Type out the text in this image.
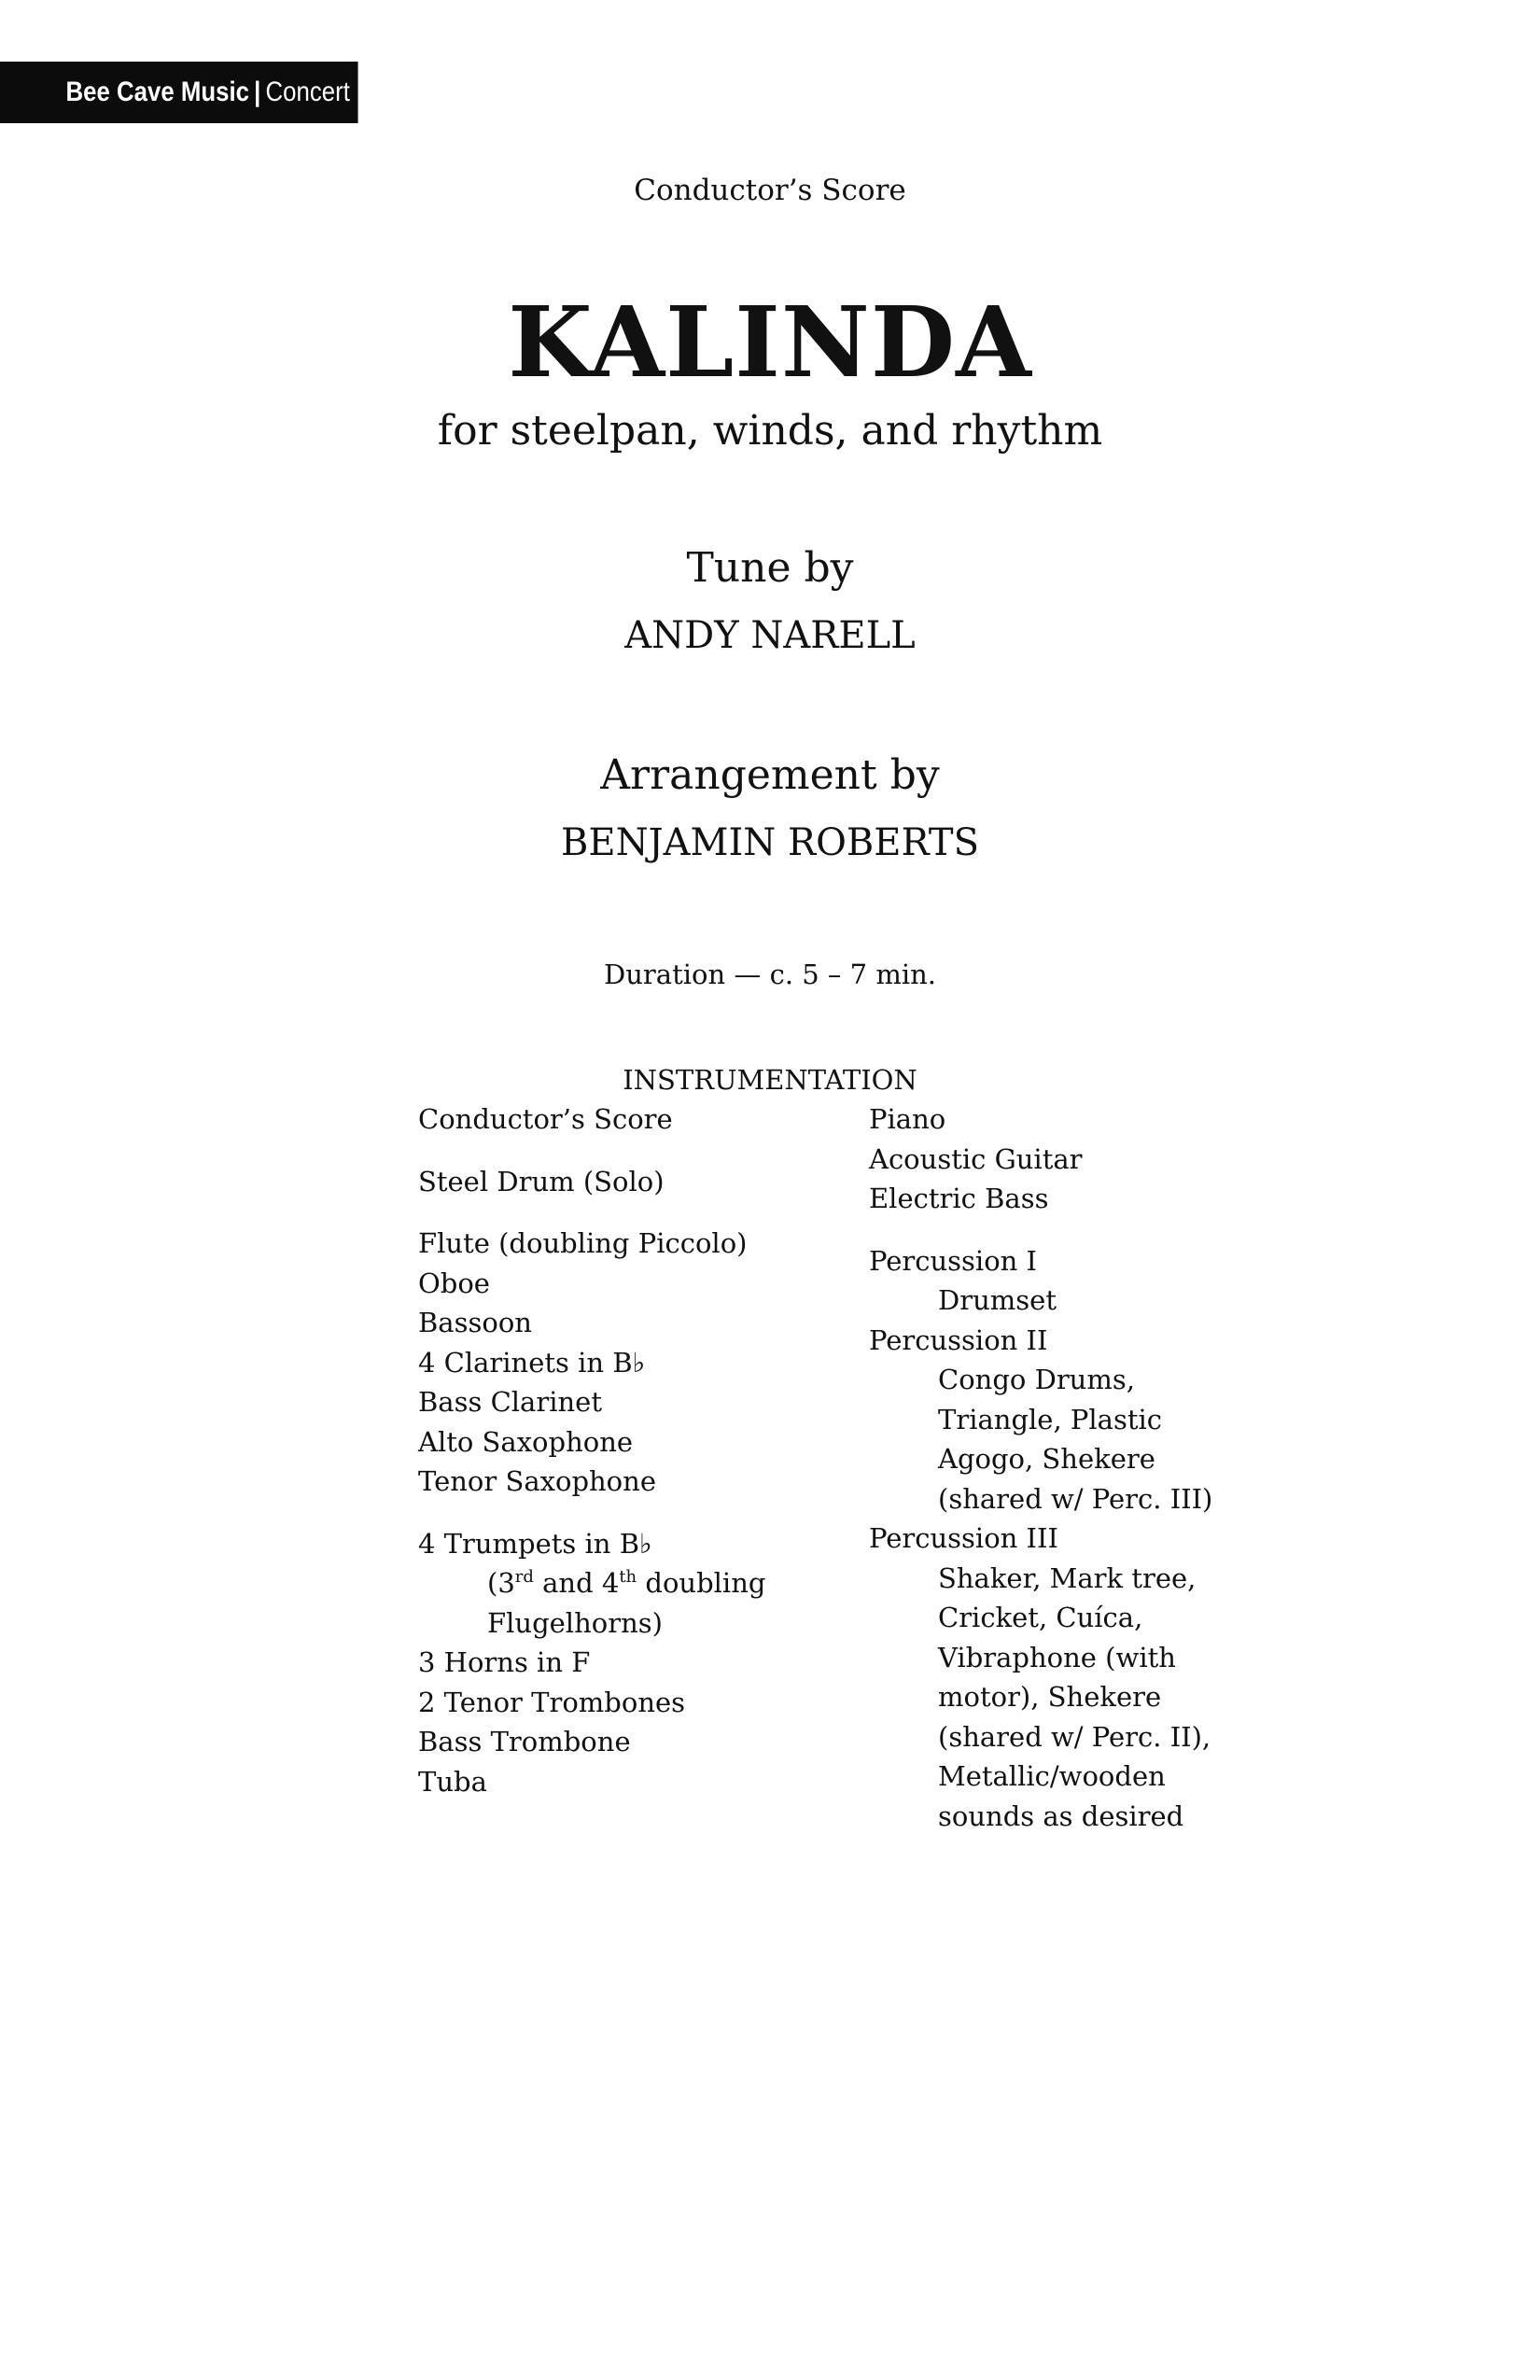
Bee Cave Music | Concert Band
Conductor’s Score
KALINDA
for steelpan, winds, and rhythm
Tune by
ANDY NARELL
Arrangement by
BENJAMIN ROBERTS
Duration — c. 5 – 7 min.
INSTRUMENTATION
Conductor’s Score
Steel Drum (Solo)
Flute (doubling Piccolo)
Oboe
Bassoon
4 Clarinets in B♭
Bass Clarinet
Alto Saxophone
Tenor Saxophone
4 Trumpets in B♭
(3rd and 4th doubling
Flugelhorns)
3 Horns in F
2 Tenor Trombones
Bass Trombone
Tuba
Piano
Acoustic Guitar
Electric Bass
Percussion I
Drumset
Percussion II
Congo Drums,
Triangle, Plastic
Agogo, Shekere
(shared w/ Perc. III)
Percussion III
Shaker, Mark tree,
Cricket, Cuíca,
Vibraphone (with
motor), Shekere
(shared w/ Perc. II),
Metallic/wooden
sounds as desired
